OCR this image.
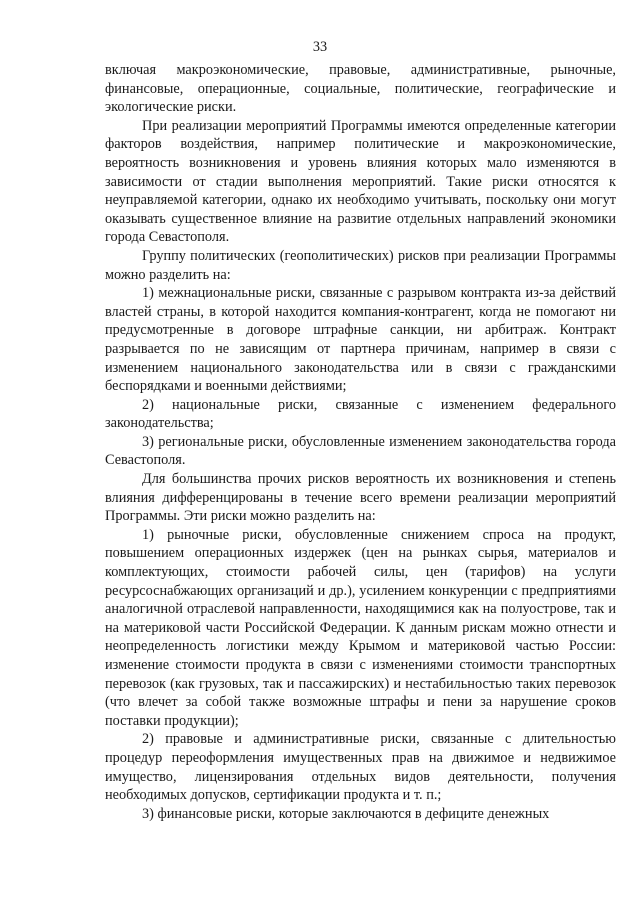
33

включая макроэкономические, правовые, административные, рыночные, финансовые, операционные, социальные, политические, географические и экологические риски.

При реализации мероприятий Программы имеются определенные категории факторов воздействия, например политические и макроэкономические, вероятность возникновения и уровень влияния которых мало изменяются в зависимости от стадии выполнения мероприятий. Такие риски относятся к неуправляемой категории, однако их необходимо учитывать, поскольку они могут оказывать существенное влияние на развитие отдельных направлений экономики города Севастополя.

Группу политических (геополитических) рисков при реализации Программы можно разделить на:

1) межнациональные риски, связанные с разрывом контракта из-за действий властей страны, в которой находится компания-контрагент, когда не помогают ни предусмотренные в договоре штрафные санкции, ни арбитраж. Контракт разрывается по не зависящим от партнера причинам, например в связи с изменением национального законодательства или в связи с гражданскими беспорядками и военными действиями;

2) национальные риски, связанные с изменением федерального законодательства;

3) региональные риски, обусловленные изменением законодательства города Севастополя.

Для большинства прочих рисков вероятность их возникновения и степень влияния дифференцированы в течение всего времени реализации мероприятий Программы. Эти риски можно разделить на:

1) рыночные риски, обусловленные снижением спроса на продукт, повышением операционных издержек (цен на рынках сырья, материалов и комплектующих, стоимости рабочей силы, цен (тарифов) на услуги ресурсоснабжающих организаций и др.), усилением конкуренции с предприятиями аналогичной отраслевой направленности, находящимися как на полуострове, так и на материковой части Российской Федерации. К данным рискам можно отнести и неопределенность логистики между Крымом и материковой частью России: изменение стоимости продукта в связи с изменениями стоимости транспортных перевозок (как грузовых, так и пассажирских) и нестабильностью таких перевозок (что влечет за собой также возможные штрафы и пени за нарушение сроков поставки продукции);

2) правовые и административные риски, связанные с длительностью процедур переоформления имущественных прав на движимое и недвижимое имущество, лицензирования отдельных видов деятельности, получения необходимых допусков, сертификации продукта и т. п.;

3) финансовые риски, которые заключаются в дефиците денежных
